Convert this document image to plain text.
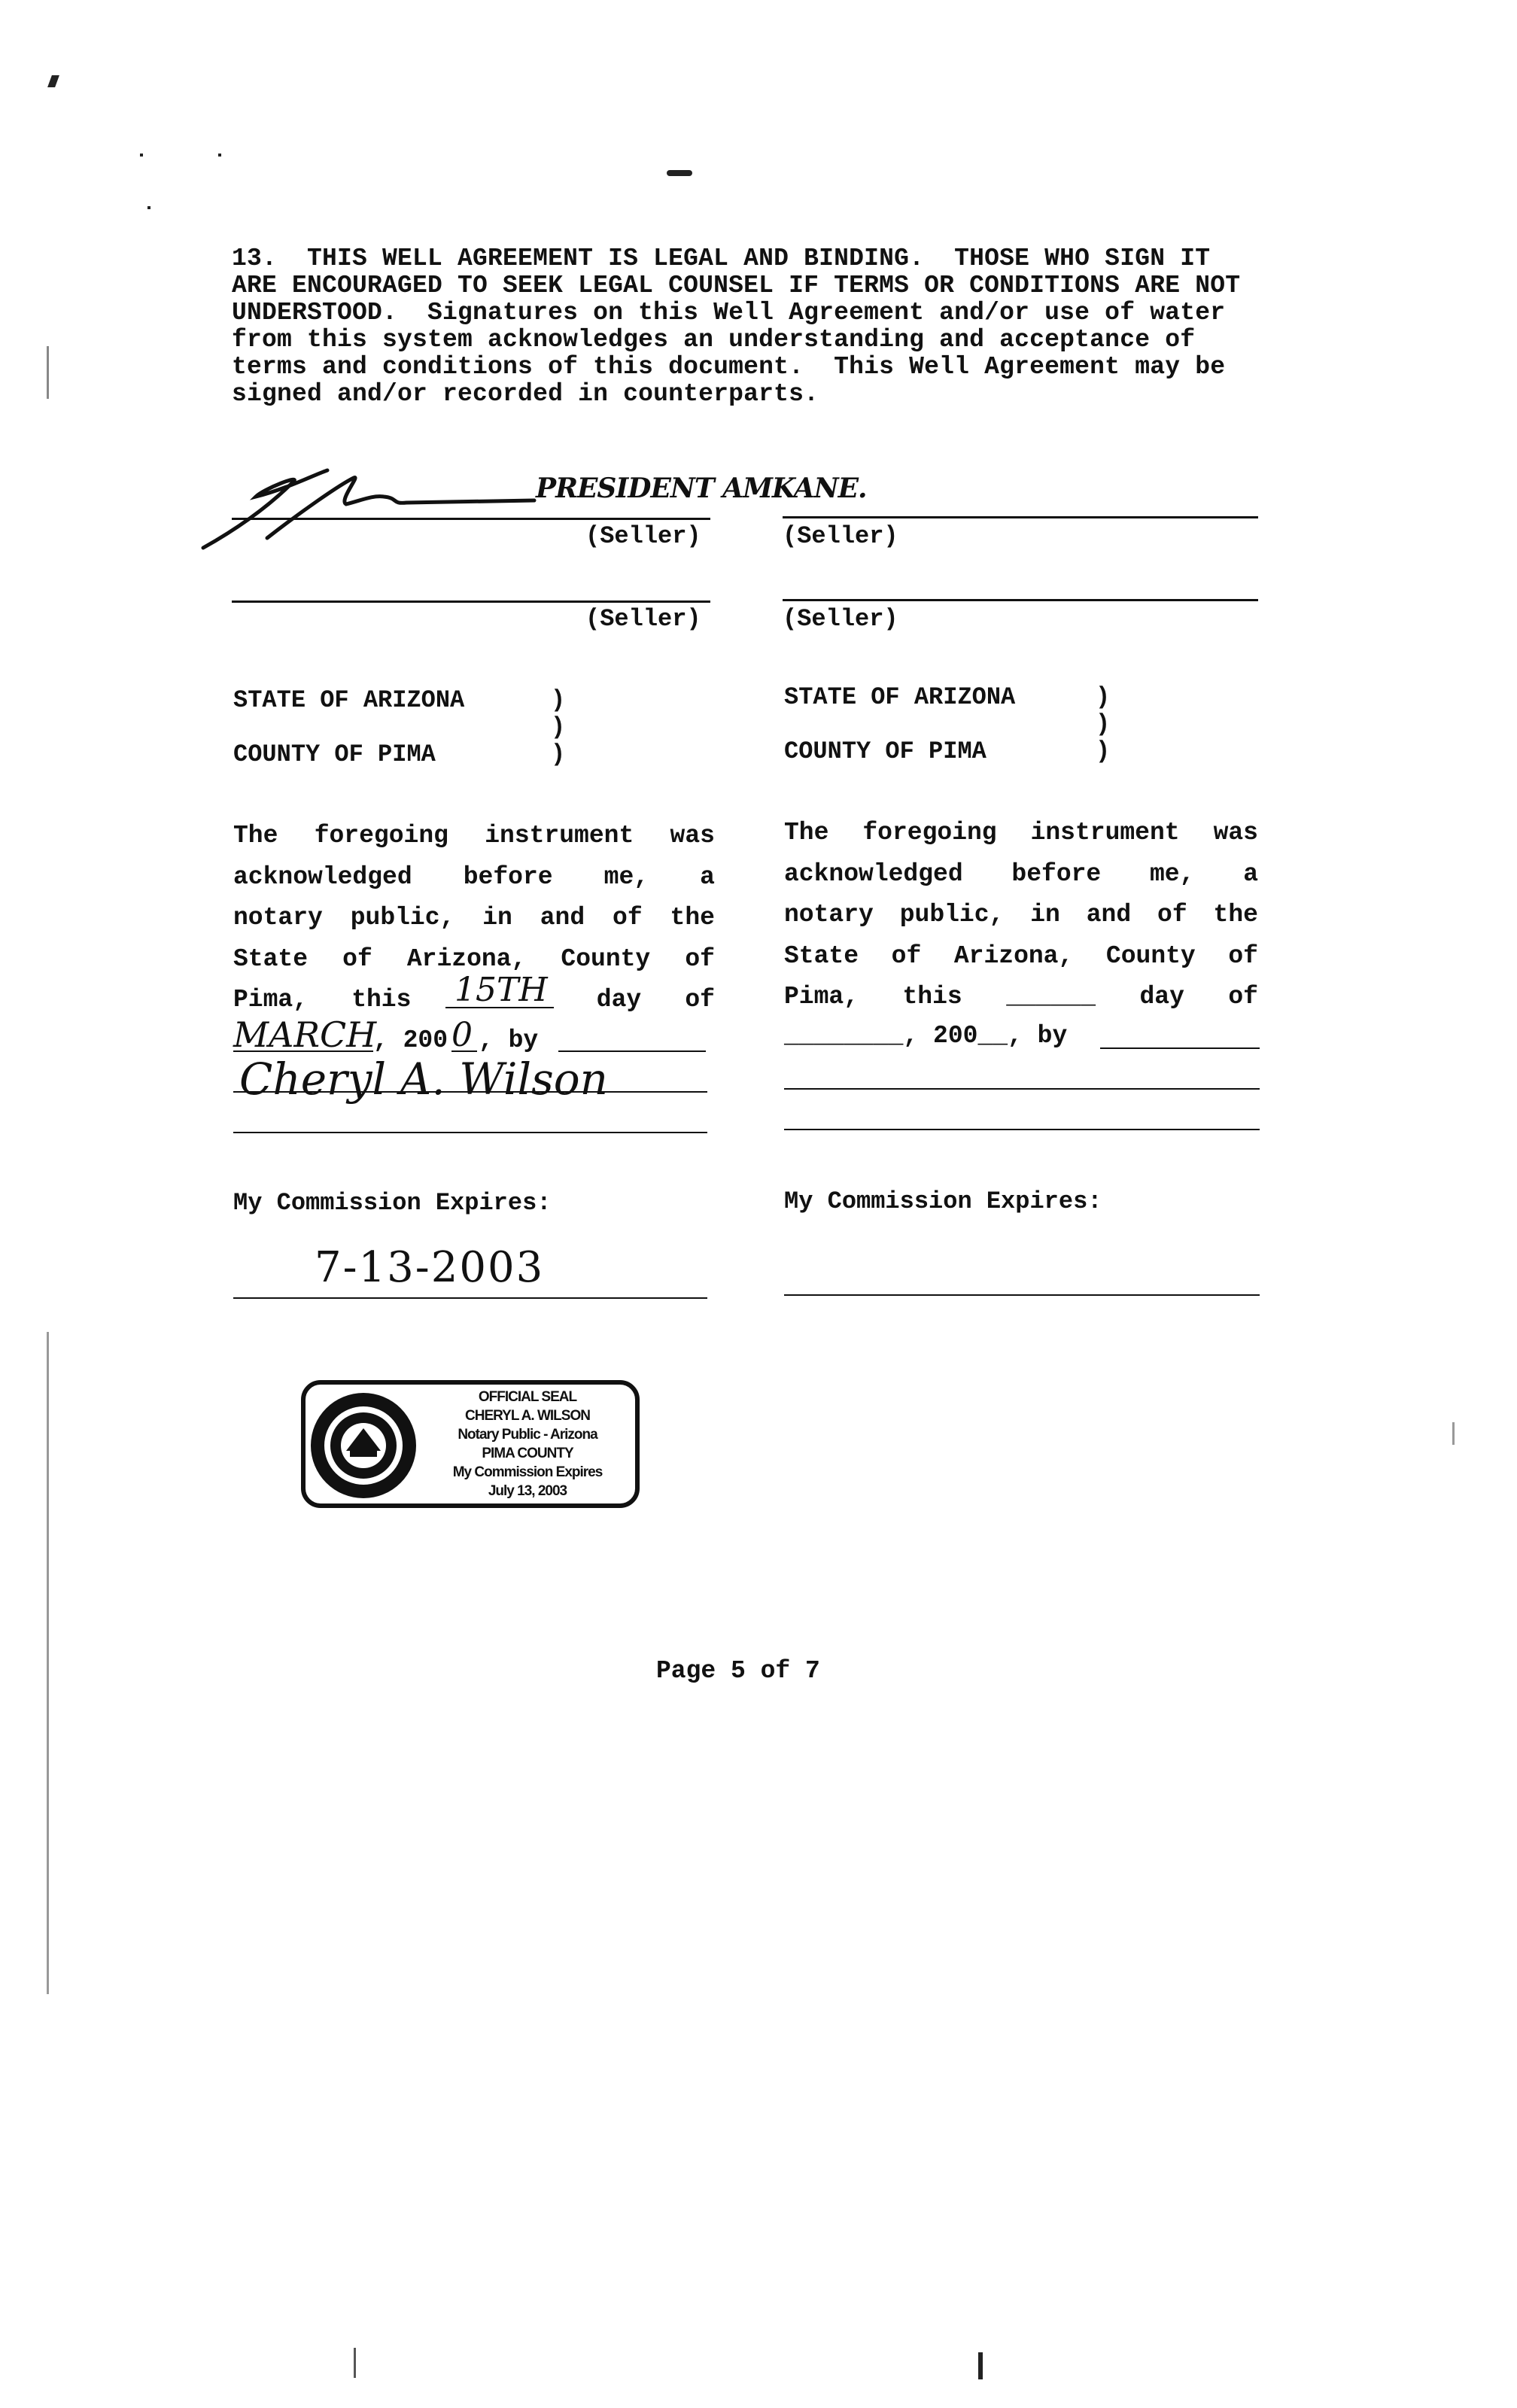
13.  THIS WELL AGREEMENT IS LEGAL AND BINDING.  THOSE WHO SIGN IT
ARE ENCOURAGED TO SEEK LEGAL COUNSEL IF TERMS OR CONDITIONS ARE NOT
UNDERSTOOD.  Signatures on this Well Agreement and/or use of water
from this system acknowledges an understanding and acceptance of
terms and conditions of this document.  This Well Agreement may be
signed and/or recorded in counterparts.
PRESIDENT AMKANE.
(Seller)	(Seller)
(Seller)	(Seller)
STATE OF ARIZONA	)
)
COUNTY OF PIMA	)
The foregoing instrument was
acknowledged before me, a
notary public, in and of the
State of Arizona, County of
Pima, this	day of
15TH
MARCH
, 200 0 , by
Cheryl A. Wilson
My Commission Expires:
7-13-2003
STATE OF ARIZONA	)
)
COUNTY OF PIMA	)
The foregoing instrument was
acknowledged before me, a
notary public, in and of the
State of Arizona, County of
Pima, this ______ day of
________, 200__, by
My Commission Expires:
OFFICIAL SEAL
CHERYL A. WILSON
Notary Public - Arizona
PIMA COUNTY
My Commission Expires
July 13, 2003
Page 5 of 7
